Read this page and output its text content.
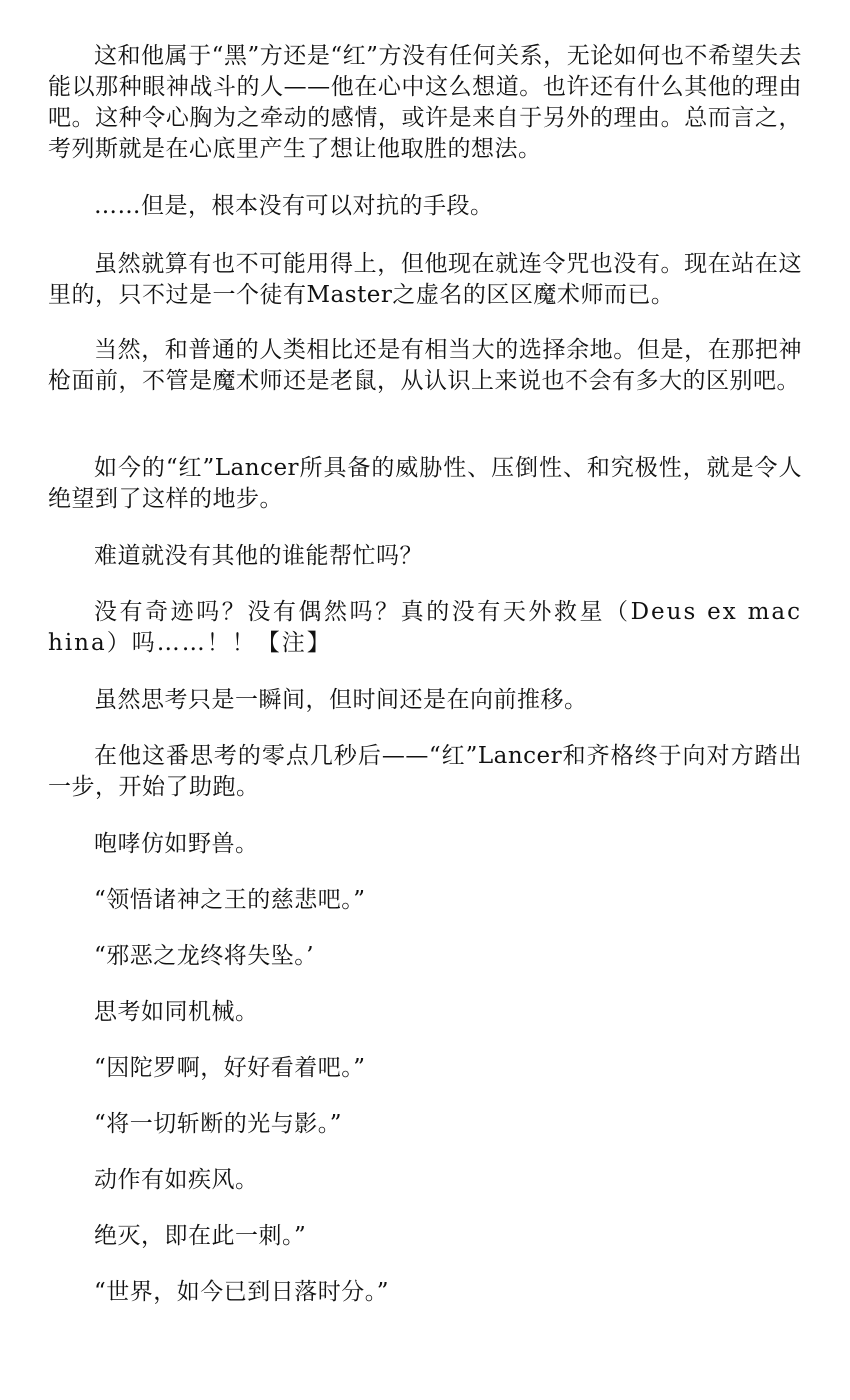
这和他属于“黑”方还是“红”方没有任何关系，无论如何也不希望失去能以那种眼神战斗的人——他在心中这么想道。也许还有什么其他的理由吧。这种令心胸为之牵动的感情，或许是来自于另外的理由。总而言之，考列斯就是在心底里产生了想让他取胜的想法。

……但是，根本没有可以对抗的手段。

虽然就算有也不可能用得上，但他现在就连令咒也没有。现在站在这里的，只不过是一个徒有Master之虚名的区区魔术师而已。

当然，和普通的人类相比还是有相当大的选择余地。但是，在那把神枪面前，不管是魔术师还是老鼠，从认识上来说也不会有多大的区别吧。

如今的“红”Lancer所具备的威胁性、压倒性、和究极性，就是令人绝望到了这样的地步。

难道就没有其他的谁能帮忙吗？

没有奇迹吗？没有偶然吗？真的没有天外救星（Deus ex machina）吗……！！【注】

虽然思考只是一瞬间，但时间还是在向前推移。

在他这番思考的零点几秒后——“红”Lancer和齐格终于向对方踏出一步，开始了助跑。

咆哮仿如野兽。

“领悟诸神之王的慈悲吧。”

“邪恶之龙终将失坠。’

思考如同机械。

“因陀罗啊，好好看着吧。”

“将一切斩断的光与影。”

动作有如疾风。

绝灭，即在此一刺。”

“世界，如今已到日落时分。”
